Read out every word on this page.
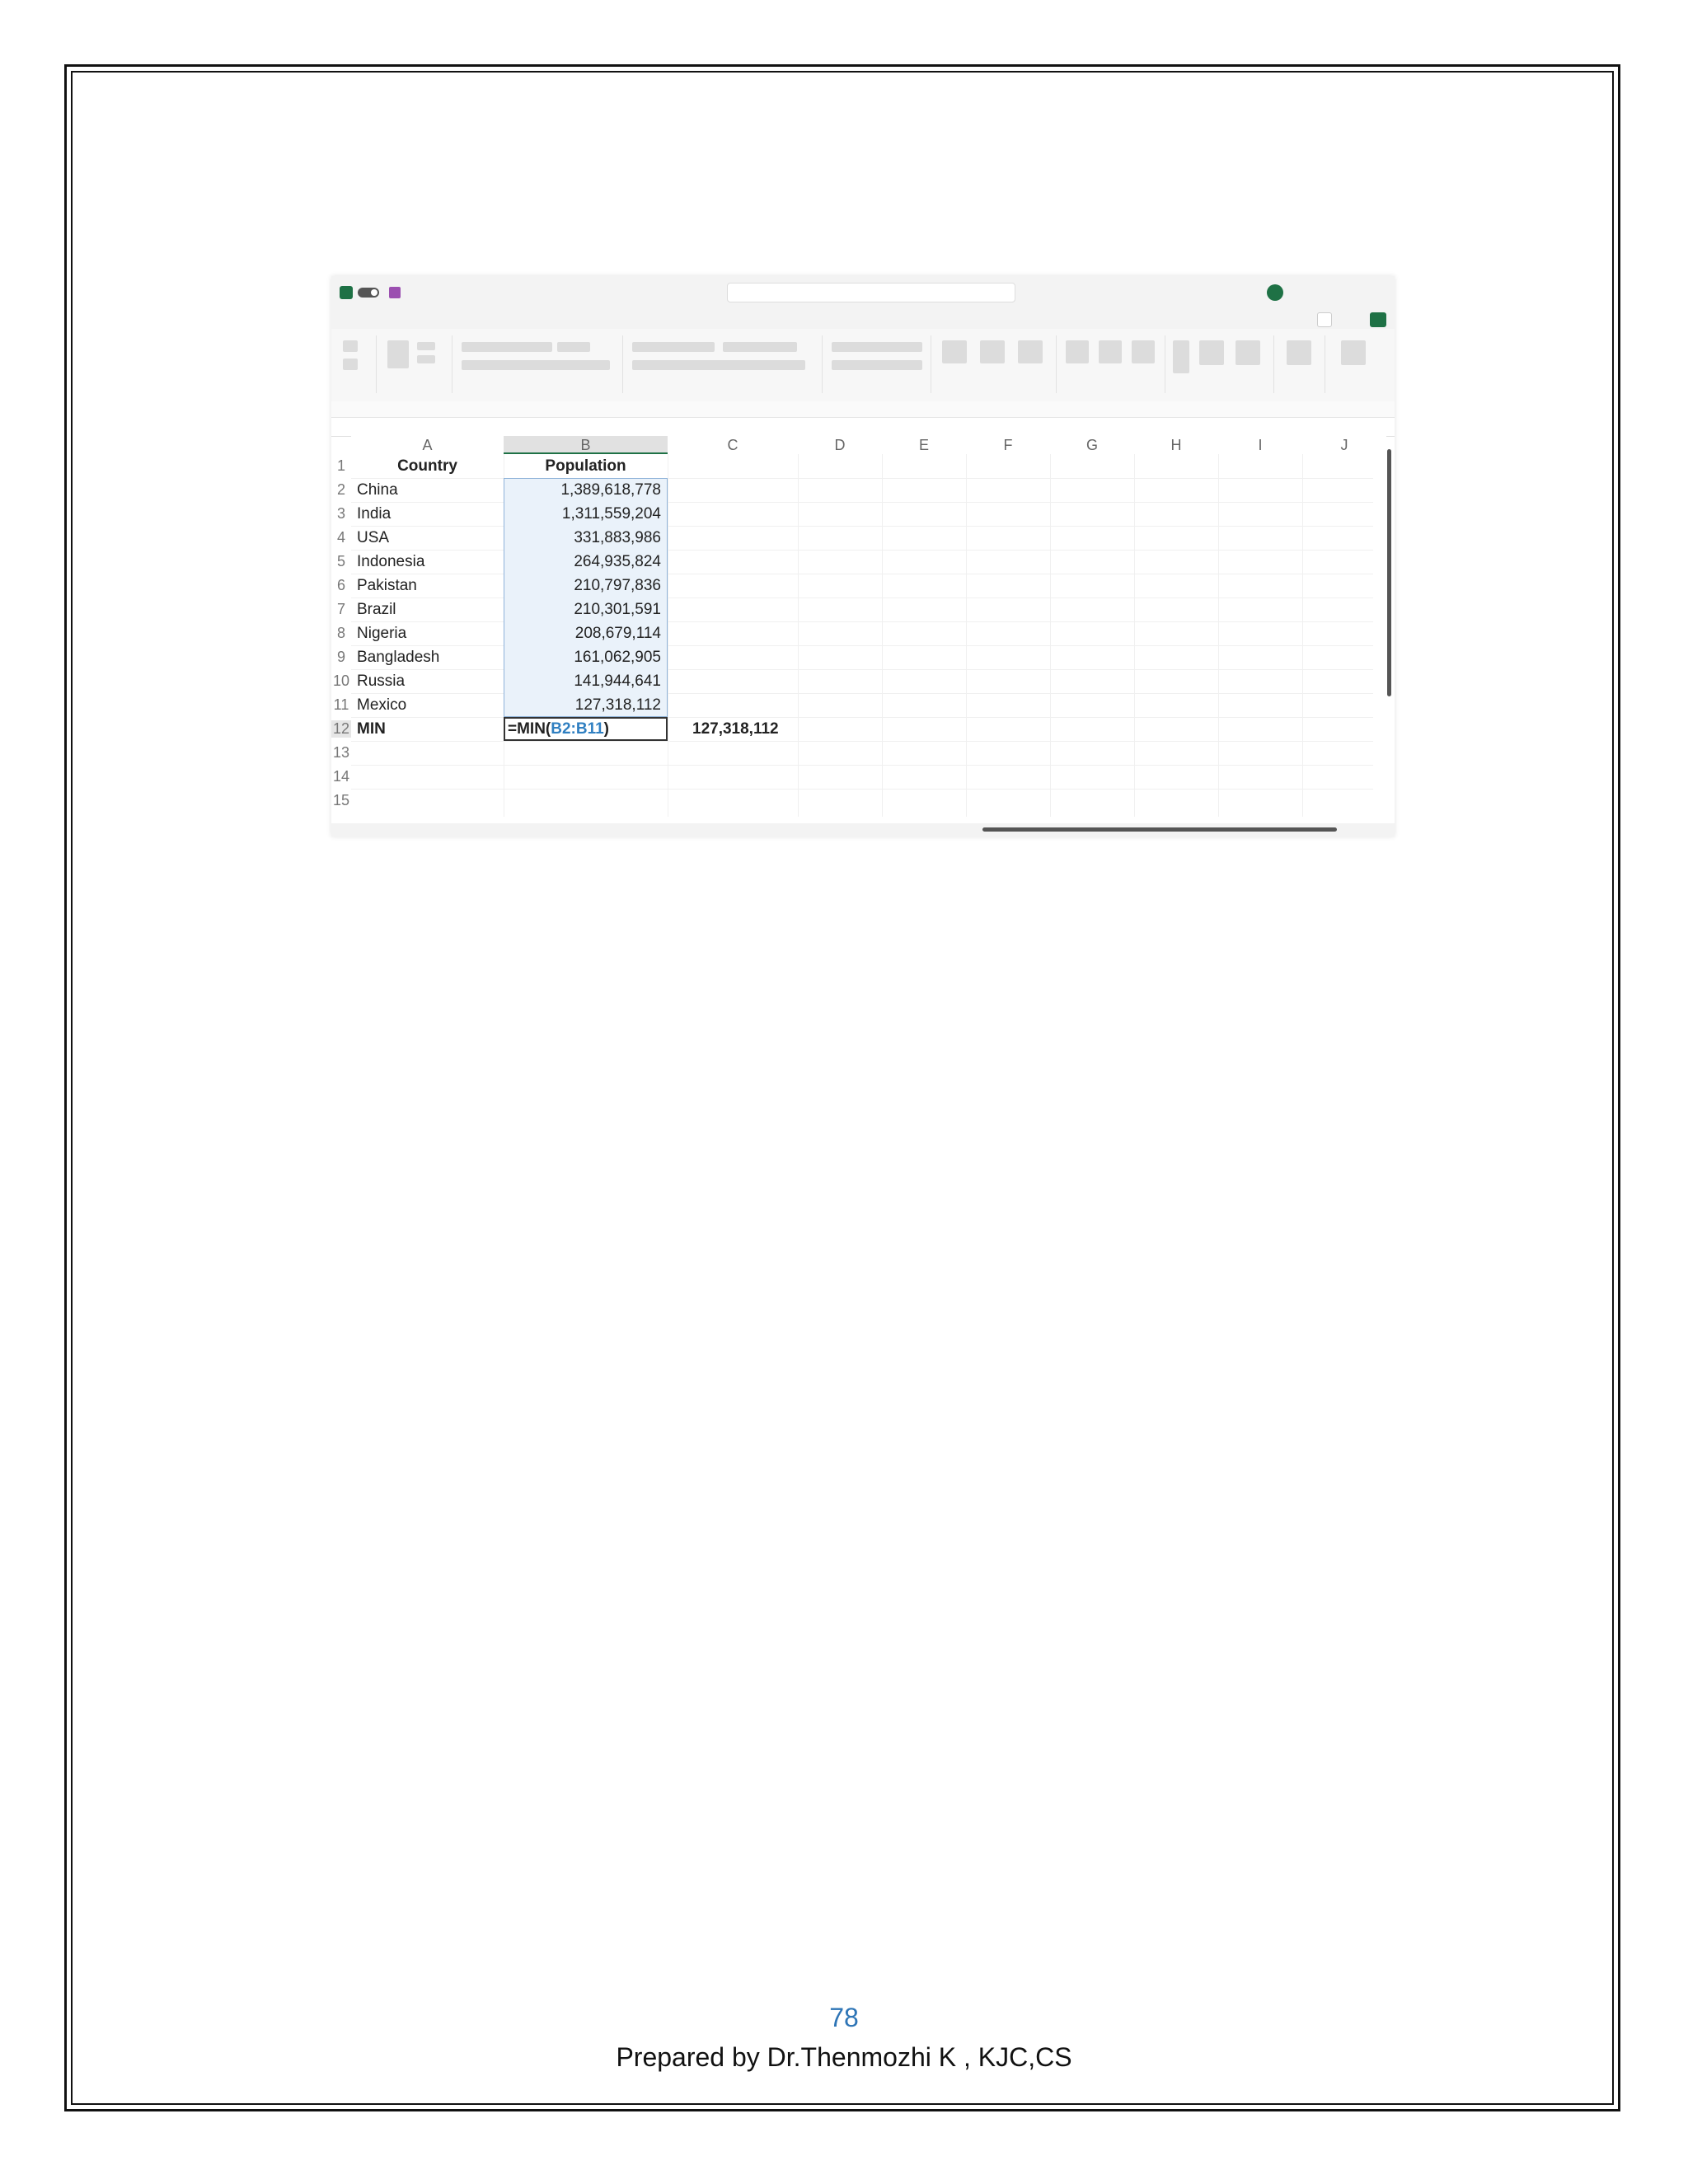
A	B	C	D	E	F	G	H	I	J
1
2
3
4
5
6
7
8
9
10
11
12
13
14
15
Country	Population
China	1,389,618,778
India	1,311,559,204
USA	331,883,986
Indonesia	264,935,824
Pakistan	210,797,836
Brazil	210,301,591
Nigeria	208,679,114
Bangladesh	161,062,905
Russia	141,944,641
Mexico	127,318,112
MIN	=MIN(B2:B11)	127,318,112
78
Prepared by Dr.Thenmozhi K , KJC,CS
